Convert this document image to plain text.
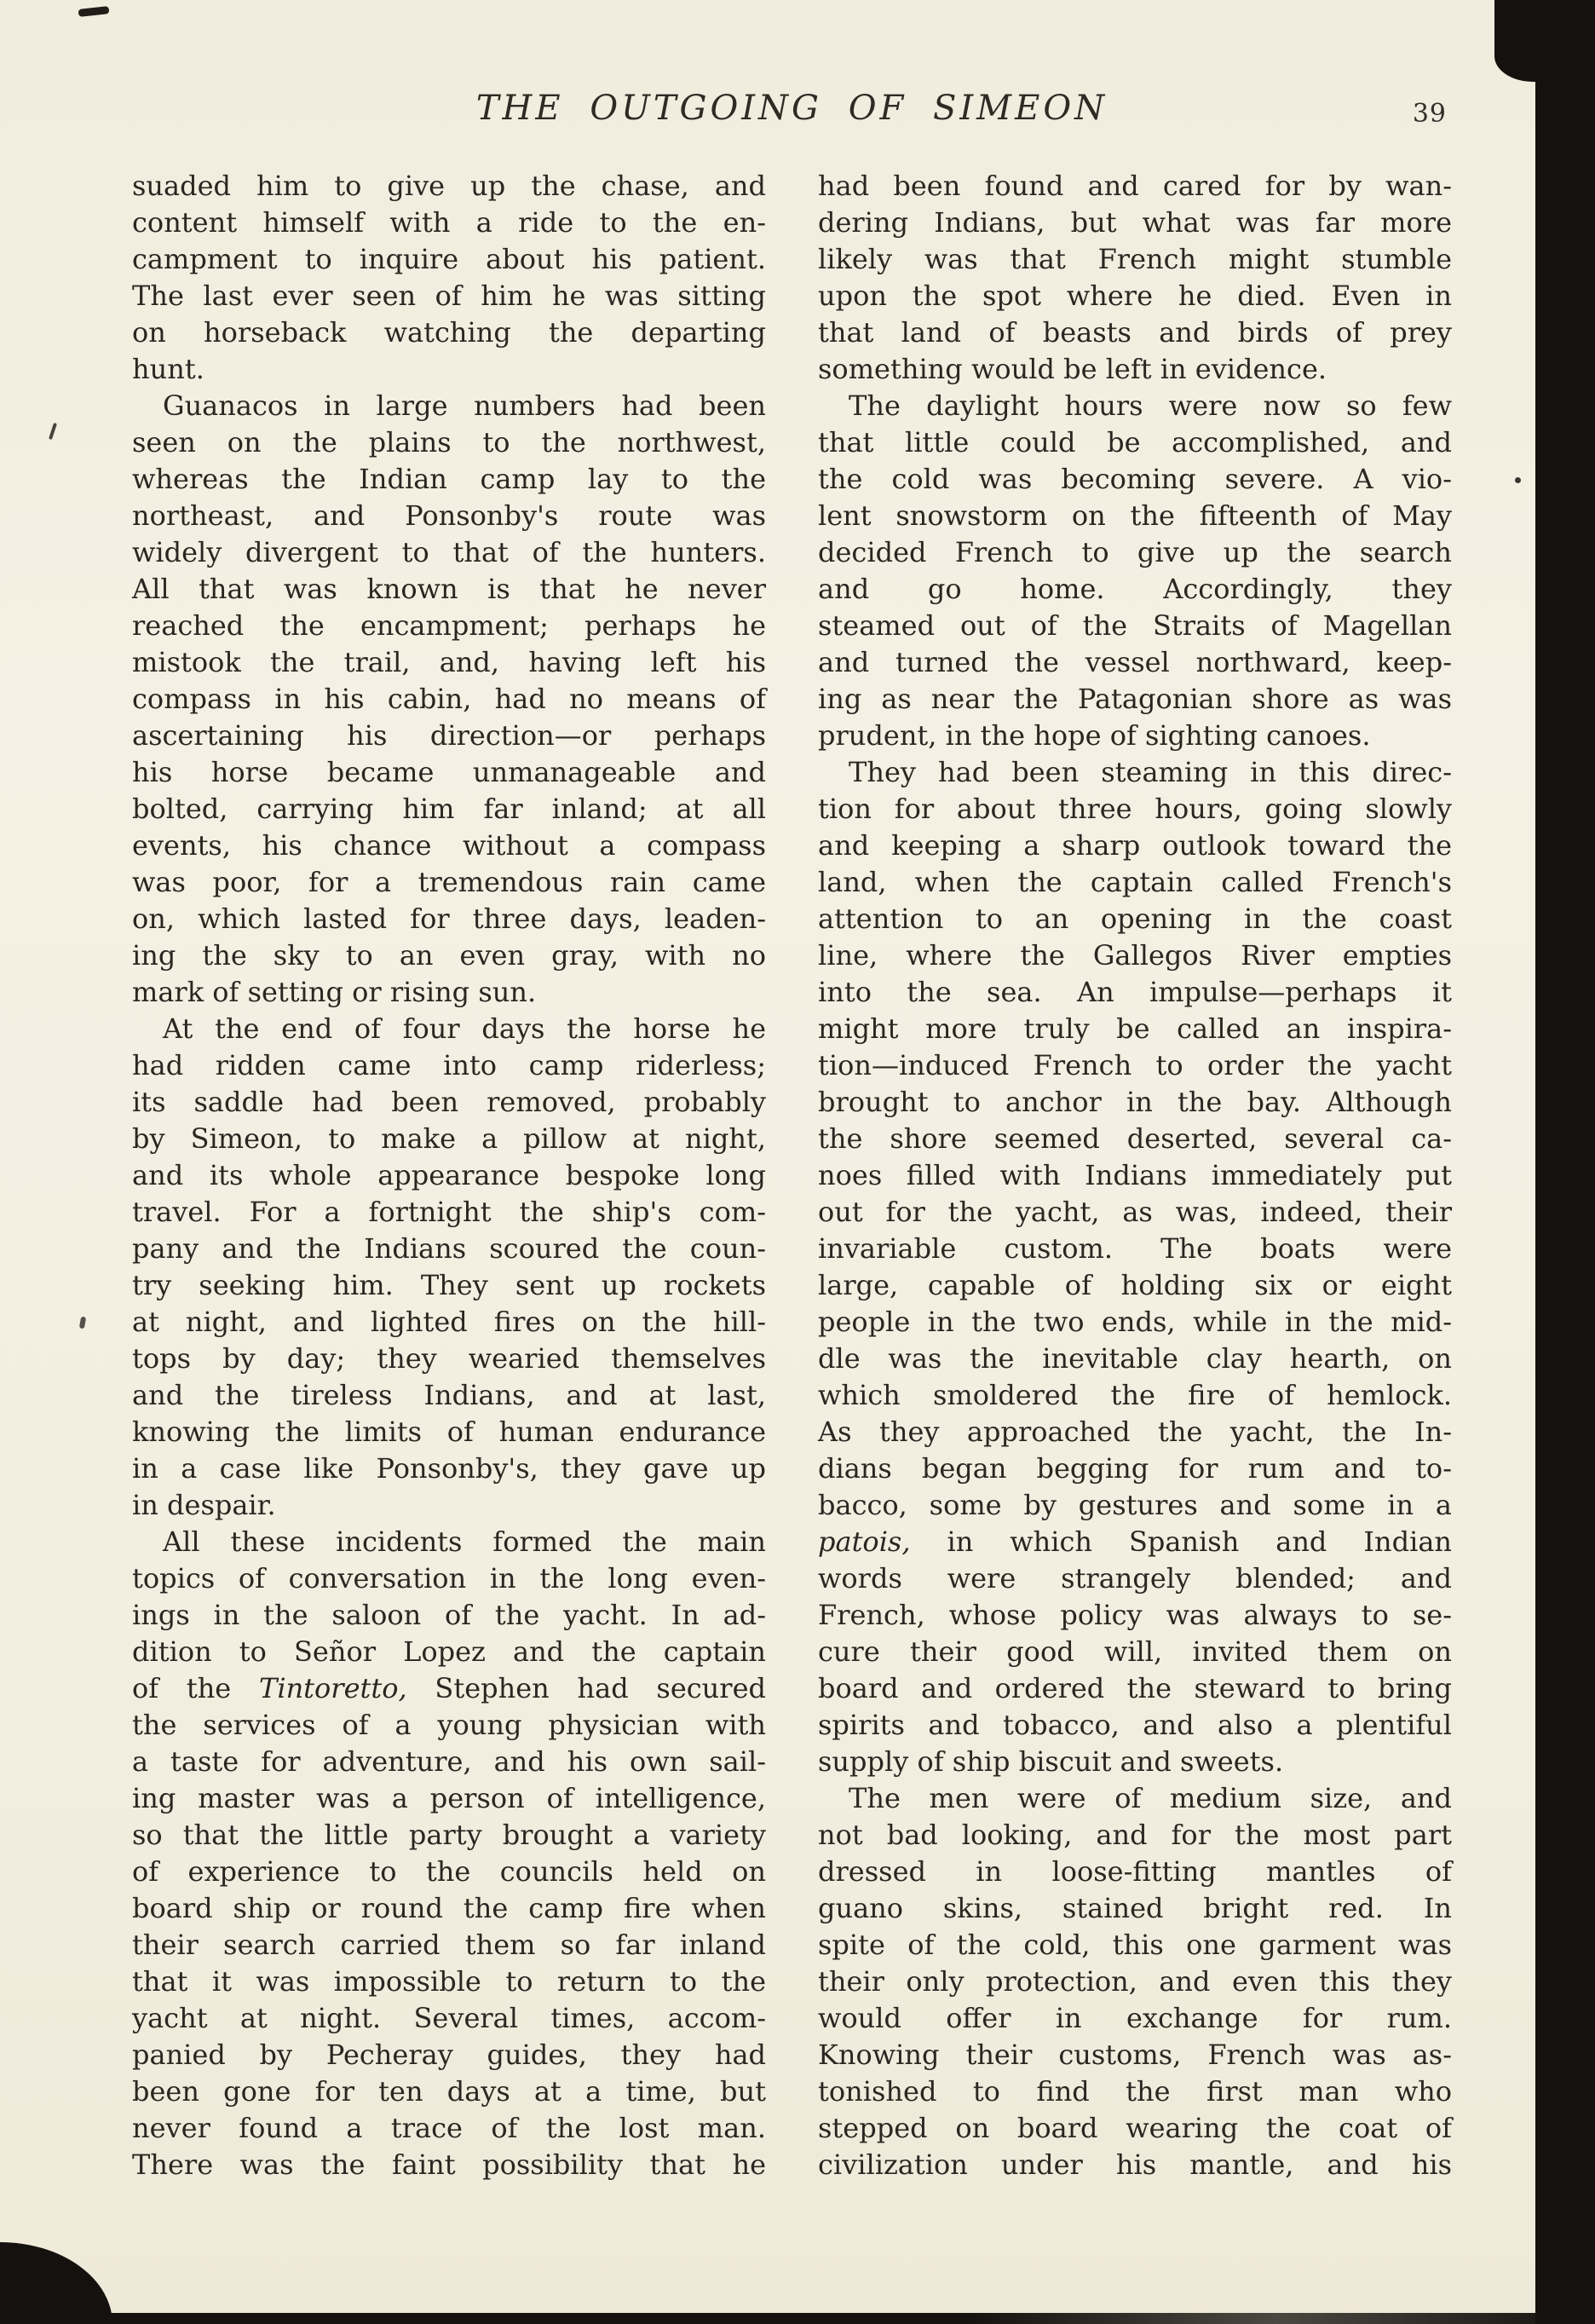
THE OUTGOING OF SIMEON	39
suaded him to give up the chase, and
content himself with a ride to the en-
campment to inquire about his patient.
The last ever seen of him he was sitting
on horseback watching the departing
hunt.
Guanacos in large numbers had been
seen on the plains to the northwest,
whereas the Indian camp lay to the
northeast, and Ponsonby's route was
widely divergent to that of the hunters.
All that was known is that he never
reached the encampment; perhaps he
mistook the trail, and, having left his
compass in his cabin, had no means of
ascertaining his direction—or perhaps
his horse became unmanageable and
bolted, carrying him far inland; at all
events, his chance without a compass
was poor, for a tremendous rain came
on, which lasted for three days, leaden-
ing the sky to an even gray, with no
mark of setting or rising sun.
At the end of four days the horse he
had ridden came into camp riderless;
its saddle had been removed, probably
by Simeon, to make a pillow at night,
and its whole appearance bespoke long
travel. For a fortnight the ship's com-
pany and the Indians scoured the coun-
try seeking him. They sent up rockets
at night, and lighted fires on the hill-
tops by day; they wearied themselves
and the tireless Indians, and at last,
knowing the limits of human endurance
in a case like Ponsonby's, they gave up
in despair.
All these incidents formed the main
topics of conversation in the long even-
ings in the saloon of the yacht. In ad-
dition to Señor Lopez and the captain
of the Tintoretto, Stephen had secured
the services of a young physician with
a taste for adventure, and his own sail-
ing master was a person of intelligence,
so that the little party brought a variety
of experience to the councils held on
board ship or round the camp fire when
their search carried them so far inland
that it was impossible to return to the
yacht at night. Several times, accom-
panied by Pecheray guides, they had
been gone for ten days at a time, but
never found a trace of the lost man.
There was the faint possibility that he
had been found and cared for by wan-
dering Indians, but what was far more
likely was that French might stumble
upon the spot where he died. Even in
that land of beasts and birds of prey
something would be left in evidence.
The daylight hours were now so few
that little could be accomplished, and
the cold was becoming severe. A vio-
lent snowstorm on the fifteenth of May
decided French to give up the search
and go home. Accordingly, they
steamed out of the Straits of Magellan
and turned the vessel northward, keep-
ing as near the Patagonian shore as was
prudent, in the hope of sighting canoes.
They had been steaming in this direc-
tion for about three hours, going slowly
and keeping a sharp outlook toward the
land, when the captain called French's
attention to an opening in the coast
line, where the Gallegos River empties
into the sea. An impulse—perhaps it
might more truly be called an inspira-
tion—induced French to order the yacht
brought to anchor in the bay. Although
the shore seemed deserted, several ca-
noes filled with Indians immediately put
out for the yacht, as was, indeed, their
invariable custom. The boats were
large, capable of holding six or eight
people in the two ends, while in the mid-
dle was the inevitable clay hearth, on
which smoldered the fire of hemlock.
As they approached the yacht, the In-
dians began begging for rum and to-
bacco, some by gestures and some in a
patois, in which Spanish and Indian
words were strangely blended; and
French, whose policy was always to se-
cure their good will, invited them on
board and ordered the steward to bring
spirits and tobacco, and also a plentiful
supply of ship biscuit and sweets.
The men were of medium size, and
not bad looking, and for the most part
dressed in loose-fitting mantles of
guano skins, stained bright red. In
spite of the cold, this one garment was
their only protection, and even this they
would offer in exchange for rum.
Knowing their customs, French was as-
tonished to find the first man who
stepped on board wearing the coat of
civilization under his mantle, and his
